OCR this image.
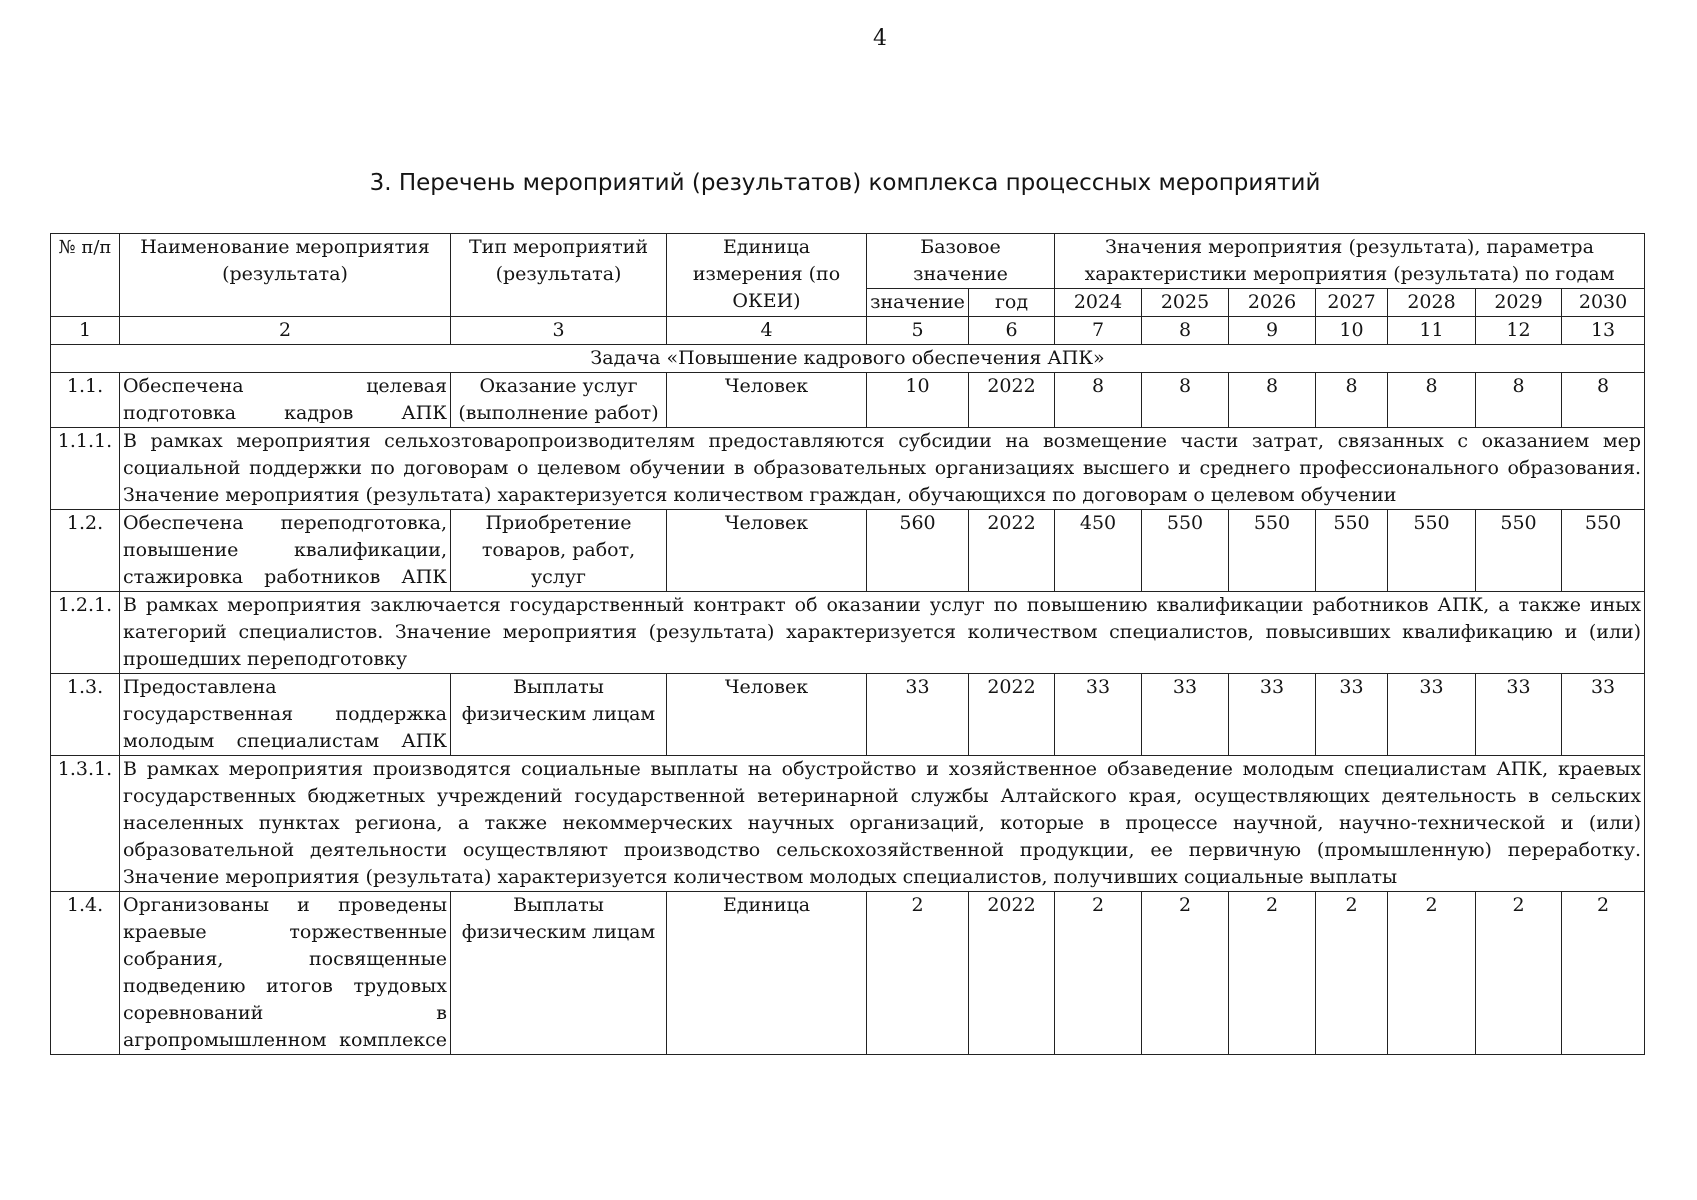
4
3. Перечень мероприятий (результатов) комплекса процессных мероприятий
№ п/п	Наименование мероприятия (результата)	Тип мероприятий (результата)	Единица измерения (по ОКЕИ)	Базовое значение		Значения мероприятия (результата), параметра характеристики мероприятия (результата) по годам						
				значение	год	2024	2025	2026	2027	2028	2029	2030
1	2	3	4	5	6	7	8	9	10	11	12	13
Задача «Повышение кадрового обеспечения АПК»												
1.1.	Обеспечена целевая подготовка кадров АПК	Оказание услуг (выполнение работ)	Человек	10	2022	8	8	8	8	8	8	8
1.1.1.	В рамках мероприятия сельхозтоваропроизводителям предоставляются субсидии на возмещение части затрат, связанных с оказанием мер социальной поддержки по договорам о целевом обучении в образовательных организациях высшего и среднего профессионального образования. Значение мероприятия (результата) характеризуется количеством граждан, обучающихся по договорам о целевом обучении											
1.2.	Обеспечена переподготовка, повышение квалификации, стажировка работников АПК	Приобретение товаров, работ, услуг	Человек	560	2022	450	550	550	550	550	550	550
1.2.1.	В рамках мероприятия заключается государственный контракт об оказании услуг по повышению квалификации работников АПК, а также иных категорий специалистов. Значение мероприятия (результата) характеризуется количеством специалистов, повысивших квалификацию и (или) прошедших переподготовку											
1.3.	Предоставлена государственная поддержка молодым специалистам АПК	Выплаты физическим лицам	Человек	33	2022	33	33	33	33	33	33	33
1.3.1.	В рамках мероприятия производятся социальные выплаты на обустройство и хозяйственное обзаведение молодым специалистам АПК, краевых государственных бюджетных учреждений государственной ветеринарной службы Алтайского края, осуществляющих деятельность в сельских населенных пунктах региона, а также некоммерческих научных организаций, которые в процессе научной, научно-технической и (или) образовательной деятельности осуществляют производство сельскохозяйственной продукции, ее первичную (промышленную) переработку. Значение мероприятия (результата) характеризуется количеством молодых специалистов, получивших социальные выплаты											
1.4.	Организованы и проведены краевые торжественные собрания, посвященные подведению итогов трудовых соревнований в агропромышленном комплексе	Выплаты физическим лицам	Единица	2	2022	2	2	2	2	2	2	2
